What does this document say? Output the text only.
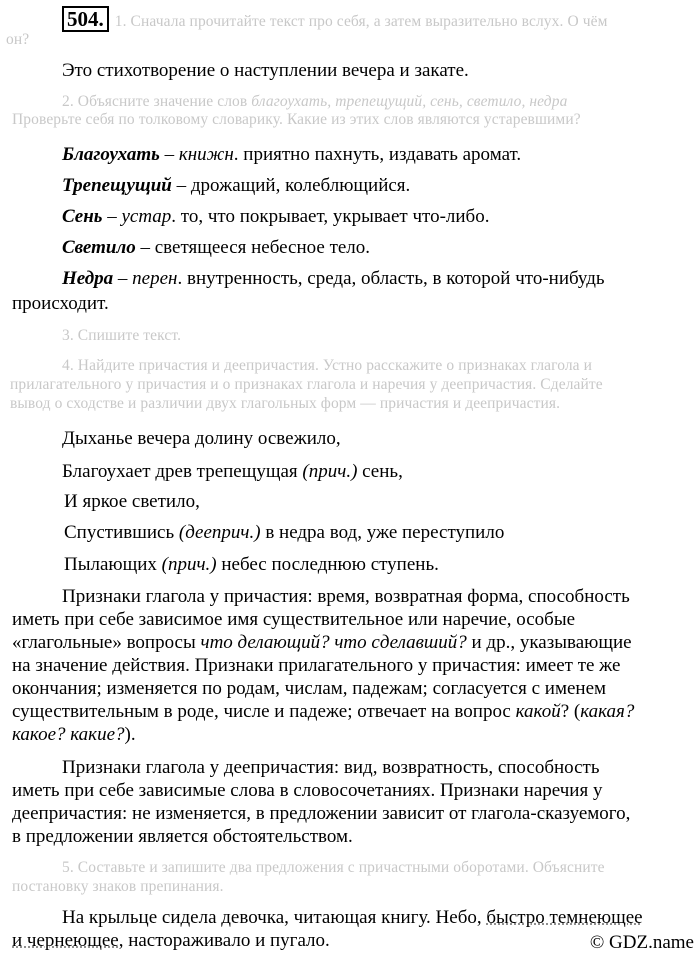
504. 1. Сначала прочитайте текст про себя, а затем выразительно вслух. О чём
он?
Это стихотворение о наступлении вечера и закате.
2. Объясните значение слов благоухать, трепещущий, сень, светило, недра
Проверьте себя по толковому словарику. Какие из этих слов являются устаревшими?
Благоухать – книжн. приятно пахнуть, издавать аромат.
Трепещущий – дрожащий, колеблющийся.
Сень – устар. то, что покрывает, укрывает что-либо.
Светило – светящееся небесное тело.
Недра – перен. внутренность, среда, область, в которой что-нибудь
происходит.
3. Спишите текст.
4. Найдите причастия и деепричастия. Устно расскажите о признаках глагола и
прилагательного у причастия и о признаках глагола и наречия у деепричастия. Сделайте
вывод о сходстве и различии двух глагольных форм — причастия и деепричастия.
Дыханье вечера долину освежило,
Благоухает древ трепещущая (прич.) сень,
И яркое светило,
Спустившись (дееприч.) в недра вод, уже переступило
Пылающих (прич.) небес последнюю ступень.
Признаки глагола у причастия: время, возвратная форма, способность
иметь при себе зависимое имя существительное или наречие, особые
«глагольные» вопросы что делающий? что сделавший? и др., указывающие
на значение действия. Признаки прилагательного у причастия: имеет те же
окончания; изменяется по родам, числам, падежам; согласуется с именем
существительным в роде, числе и падеже; отвечает на вопрос какой? (какая?
какое? какие?).
Признаки глагола у деепричастия: вид, возвратность, способность
иметь при себе зависимые слова в словосочетаниях. Признаки наречия у
деепричастия: не изменяется, в предложении зависит от глагола-сказуемого,
в предложении является обстоятельством.
5. Составьте и запишите два предложения с причастными оборотами. Объясните
постановку знаков препинания.
На крыльце сидела девочка, читающая книгу. Небо, быстро темнеющее
и чернеющее, настораживало и пугало.	© GDZ.name
